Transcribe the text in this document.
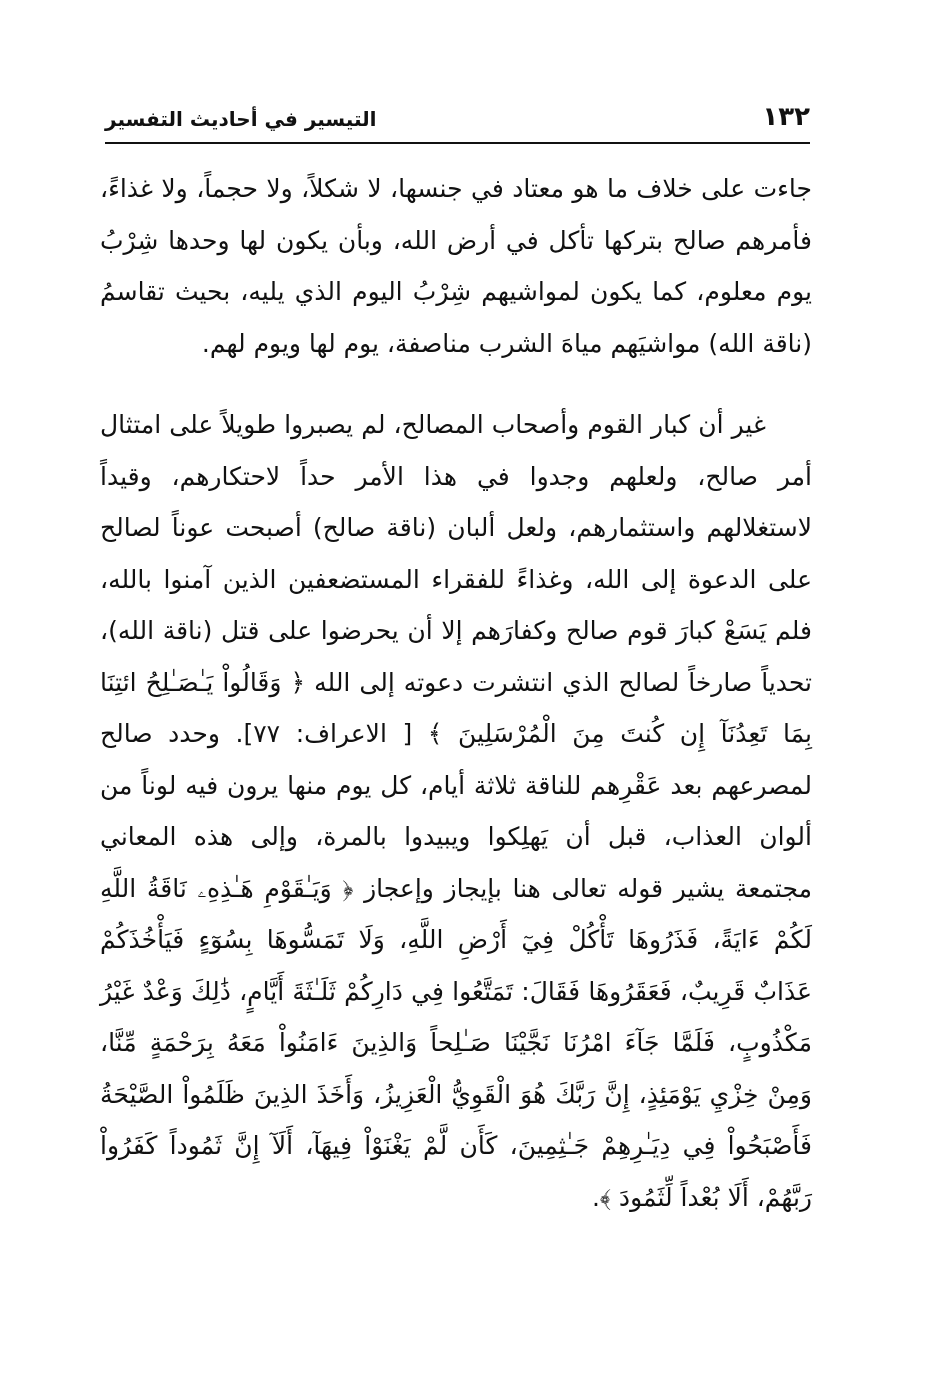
١٣٢
التيسير في أحاديث التفسير

جاءت على خلاف ما هو معتاد في جنسها، لا شكلاً، ولا حجماً، ولا غذاءً، فأمرهم صالح بتركها تأكل في أرض الله، وبأن يكون لها وحدها شِرْبُ يوم معلوم، كما يكون لمواشيهم شِرْبُ اليوم الذي يليه، بحيث تقاسمُ (ناقة الله) مواشيَهم مياهَ الشرب مناصفة، يوم لها ويوم لهم.

غير أن كبار القوم وأصحاب المصالح، لم يصبروا طويلاً على امتثال أمر صالح، ولعلهم وجدوا في هذا الأمر حداً لاحتكارهم، وقيداً لاستغلالهم واستثمارهم، ولعل ألبان (ناقة صالح) أصبحت عوناً لصالح على الدعوة إلى الله، وغذاءً للفقراء المستضعفين الذين آمنوا بالله، فلم يَسَعْ كبارَ قوم صالح وكفارَهم إلا أن يحرضوا على قتل (ناقة الله)، تحدياً صارخاً لصالح الذي انتشرت دعوته إلى الله ﴿ وَقَالُواْ يَـٰصَـٰلِحُ ائتِنَا بِمَا تَعِدُنَآ إِن كُنتَ مِنَ الْمُرْسَلِينَ ﴾ [ الاعراف: ٧٧]. وحدد صالح لمصرعهم بعد عَقْرِهم للناقة ثلاثة أيام، كل يوم منها يرون فيه لوناً من ألوان العذاب، قبل أن يَهلِكوا ويبيدوا بالمرة، وإلى هذه المعاني مجتمعة يشير قوله تعالى هنا بإيجاز وإعجاز ﴿ وَيَـٰقَوْمِ هَـٰذِهِۦ نَاقَةُ اللَّهِ لَكُمْ ءَايَةً، فَذَرُوهَا تَأْكُلْ فِيٓ أَرْضِ اللَّهِ، وَلَا تَمَسُّوهَا بِسُوٓءٍ فَيَأْخُذَكُمْ عَذَابٌ قَرِيبٌ، فَعَقَرُوهَا فَقَالَ: تَمَتَّعُوا فِي دَارِكُمْ ثَلَـٰثَةَ أَيَّامٍ، ذَٰلِكَ وَعْدٌ غَيْرُ مَكْذُوبٍ، فَلَمَّا جَآءَ امْرُنَا نَجَّيْنَا صَـٰلِحاً وَالذِينَ ءَامَنُواْ مَعَهُ بِرَحْمَةٍ مِّنَّا، وَمِنْ خِزْيِ يَوْمَئِذٍ، إِنَّ رَبَّكَ هُوَ الْقَوِيُّ الْعَزِيزُ، وَأَخَذَ الذِينَ ظَلَمُواْ الصَّيْحَةُ فَأَصْبَحُواْ فِي دِيَـٰرِهِمْ جَـٰثِمِينَ، كَأَن لَّمْ يَغْنَوْاْ فِيهَآ، أَلَآ إِنَّ ثَمُوداً كَفَرُواْ رَبَّهُمْ، أَلَا بُعْداً لِّثَمُودَ ﴾.
